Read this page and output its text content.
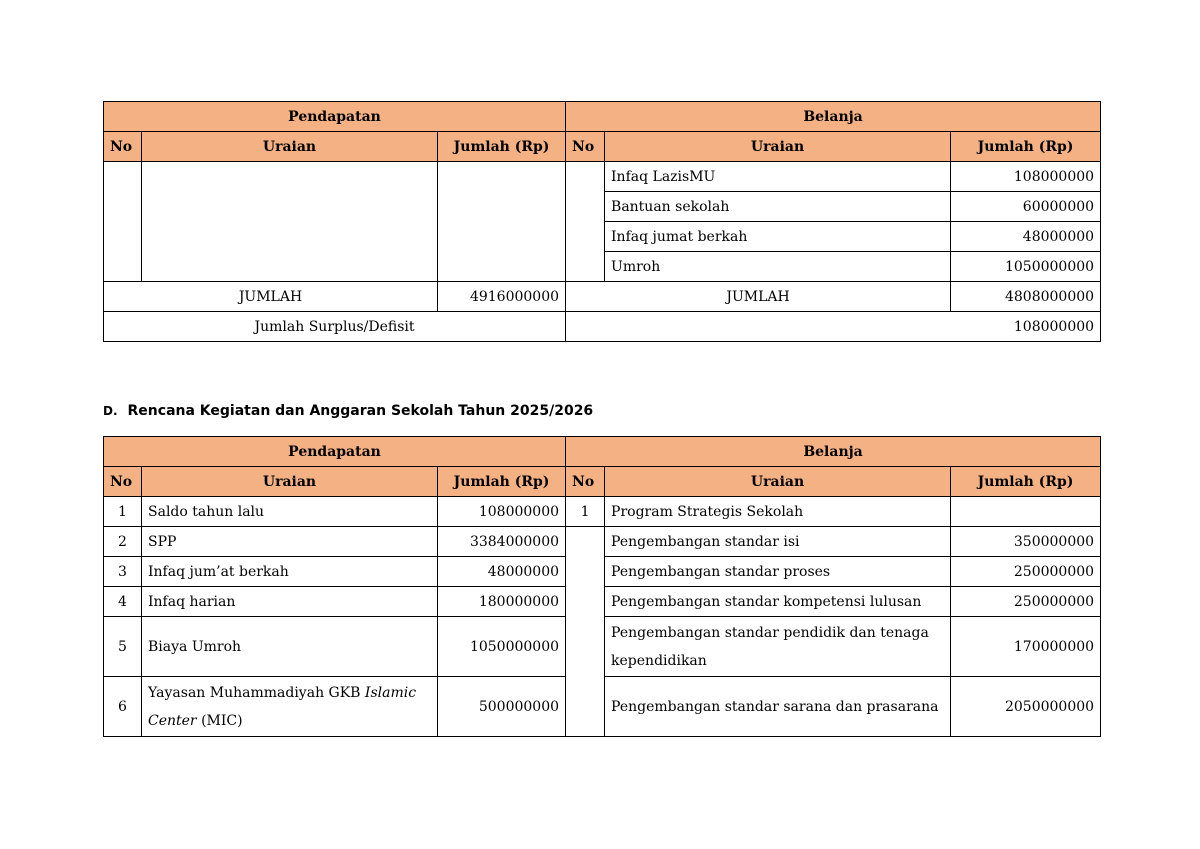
Pendapatan			Belanja		
No	Uraian	Jumlah (Rp)	No	Uraian	Jumlah (Rp)
				Infaq LazisMU	108000000
				Bantuan sekolah	60000000
				Infaq jumat berkah	48000000
				Umroh	1050000000
JUMLAH		4916000000	JUMLAH		4808000000
Jumlah Surplus/Defisit			108000000		
D. Rencana Kegiatan dan Anggaran Sekolah Tahun 2025/2026
Pendapatan			Belanja		
No	Uraian	Jumlah (Rp)	No	Uraian	Jumlah (Rp)
1	Saldo tahun lalu	108000000	1	Program Strategis Sekolah	
2	SPP	3384000000		Pengembangan standar isi	350000000
3	Infaq jum’at berkah	48000000		Pengembangan standar proses	250000000
4	Infaq harian	180000000		Pengembangan standar kompetensi lulusan	250000000
5	Biaya Umroh	1050000000		Pengembangan standar pendidik dan tenaga kependidikan	170000000
6	Yayasan Muhammadiyah GKB Islamic Center (MIC)	500000000		Pengembangan standar sarana dan prasarana	2050000000
